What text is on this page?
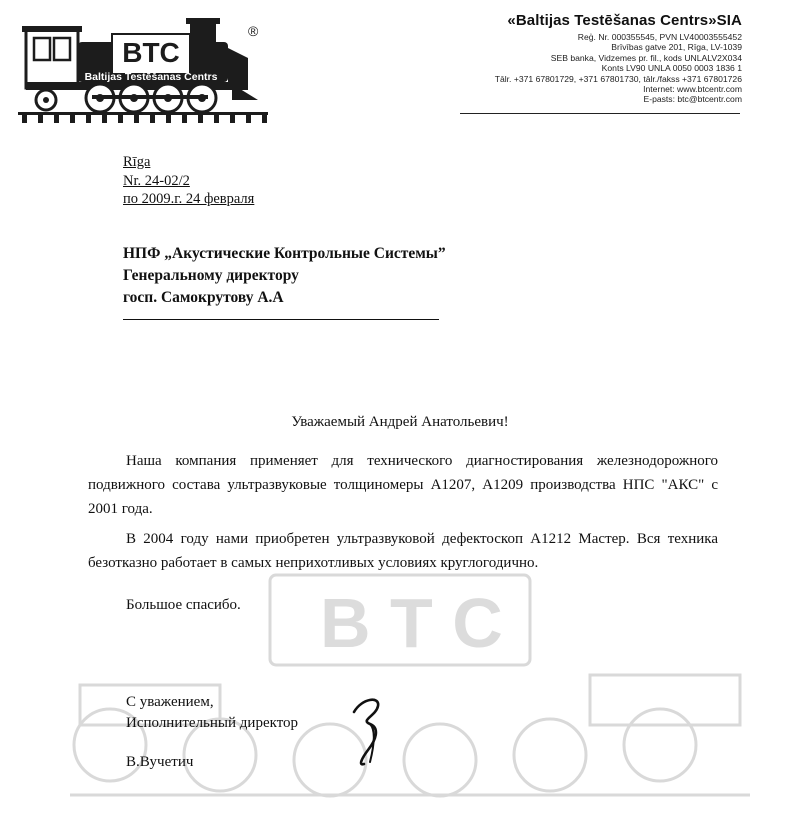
B T C
BTC
Baltijas Testēšanas Centrs
®
«Baltijas Testēšanas Centrs»SIA
Reģ. Nr. 000355545, PVN LV40003555452
Brīvības gatve 201, Rīga, LV-1039
SEB banka, Vidzemes pr. fil., kods UNLALV2X034
Konts LV90 UNLA 0050 0003 1836 1
Tālr. +371 67801729, +371 67801730, tālr./fakss +371 67801726
Internet: www.btcentr.com
E-pasts: btc@btcentr.com
Rīga
Nr. 24-02/2
по 2009.г. 24 февраля
НПФ „Акустические Контрольные Системы”
Генеральному директору
госп. Самокрутову А.А
Уважаемый Андрей Анатольевич!

Наша компания применяет для технического диагностирования железнодорожного подвижного состава ультразвуковые толщиномеры А1207, А1209 производства НПС "АКС" с 2001 года.

В 2004 году нами приобретен ультразвуковой дефектоскоп А1212 Мастер. Вся техника безотказно работает в самых неприхотливых условиях круглогодично.

Большое спасибо.
С уважением,
Исполнительный директор
В.Вучетич
